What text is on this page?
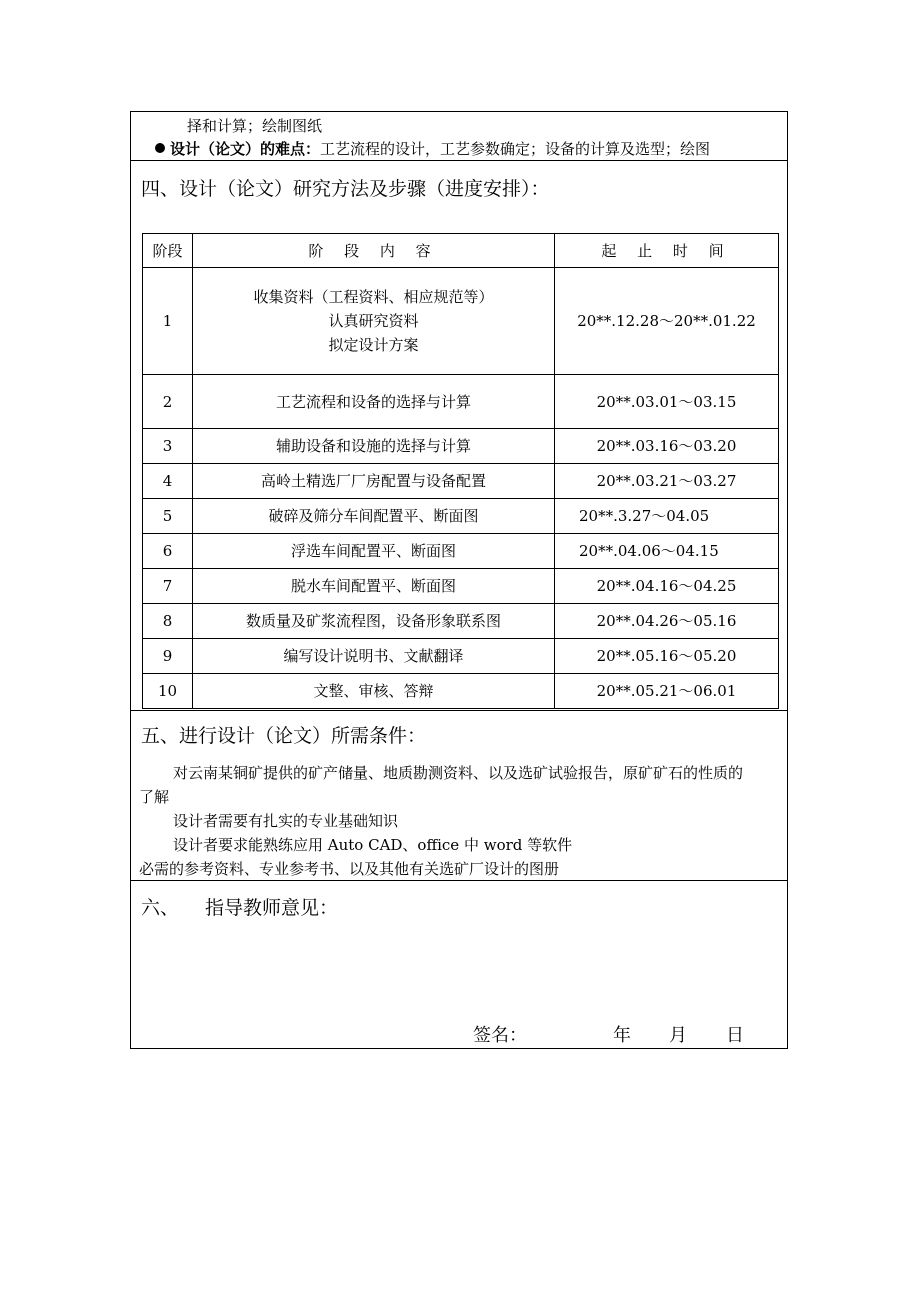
择和计算；绘制图纸
设计（论文）的难点：工艺流程的设计，工艺参数确定；设备的计算及选型；绘图
四、设计（论文）研究方法及步骤（进度安排）：
阶段	阶 段 内 容	起 止 时 间
1	收集资料（工程资料、相应规范等）
认真研究资料
拟定设计方案	20**.12.28～20**.01.22
2	工艺流程和设备的选择与计算	20**.03.01～03.15
3	辅助设备和设施的选择与计算	20**.03.16～03.20
4	高岭土精选厂厂房配置与设备配置	20**.03.21～03.27
5	破碎及筛分车间配置平、断面图	20**.3.27～04.05
6	浮选车间配置平、断面图	20**.04.06～04.15
7	脱水车间配置平、断面图	20**.04.16～04.25
8	数质量及矿浆流程图，设备形象联系图	20**.04.26～05.16
9	编写设计说明书、文献翻译	20**.05.16～05.20
10	文整、审核、答辩	20**.05.21～06.01
五、进行设计（论文）所需条件：
对云南某铜矿提供的矿产储量、地质勘测资料、以及选矿试验报告，原矿矿石的性质的
了解
设计者需要有扎实的专业基础知识
设计者要求能熟练应用 Auto CAD、office 中 word 等软件
必需的参考资料、专业参考书、以及其他有关选矿厂设计的图册
六、 指导教师意见：
签名：	年 月 日
